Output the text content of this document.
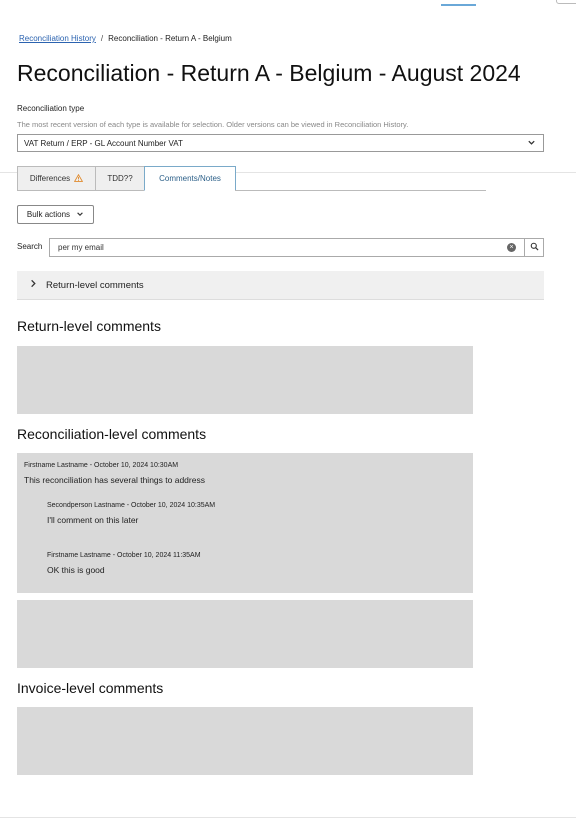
Reconciliation History / Reconciliation - Return A - Belgium
Reconciliation - Return A - Belgium - August 2024
Reconciliation type
The most recent version of each type is available for selection. Older versions can be viewed in Reconciliation History.
VAT Return / ERP - GL Account Number VAT
Differences	TDD??	Comments/Notes
Bulk actions
Search
per my email	×
Return-level comments
Return-level comments
Reconciliation-level comments
Firstname Lastname - October 10, 2024 10:30AM
This reconciliation has several things to address
Secondperson Lastname - October 10, 2024 10:35AM
I'll comment on this later
Firstname Lastname - October 10, 2024 11:35AM
OK this is good
Invoice-level comments
